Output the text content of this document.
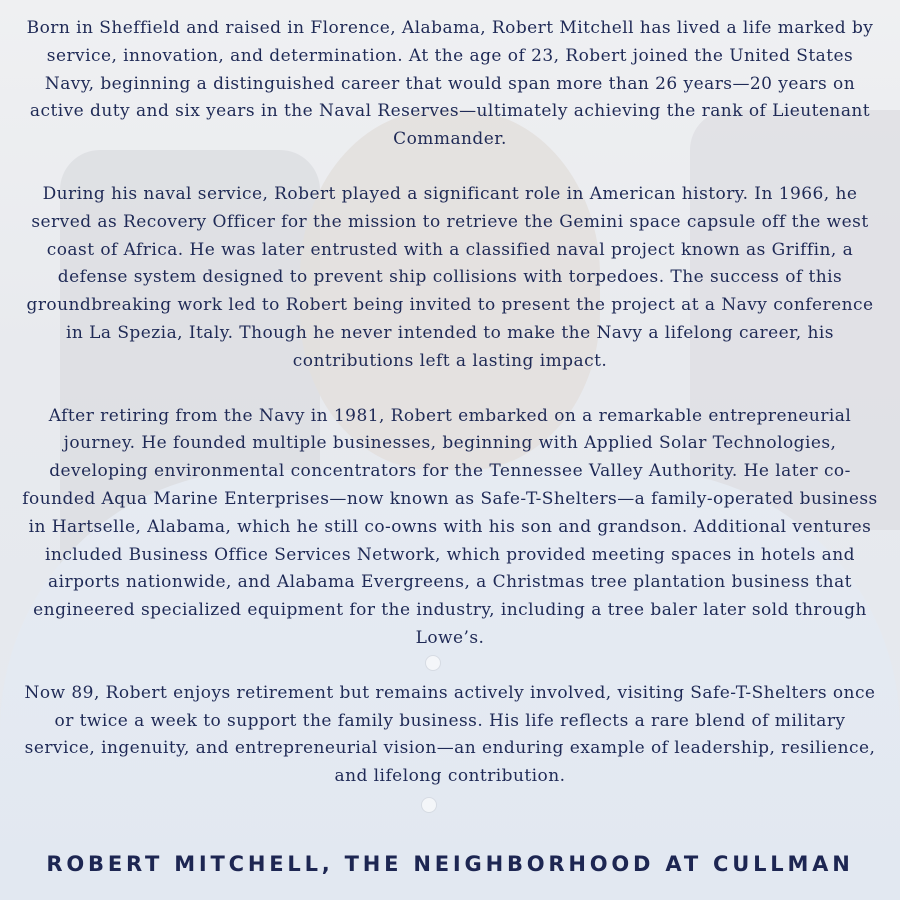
Born in Sheffield and raised in Florence, Alabama, Robert Mitchell has lived a life marked by service, innovation, and determination. At the age of 23, Robert joined the United States Navy, beginning a distinguished career that would span more than 26 years—20 years on active duty and six years in the Naval Reserves—ultimately achieving the rank of Lieutenant Commander.

During his naval service, Robert played a significant role in American history. In 1966, he served as Recovery Officer for the mission to retrieve the Gemini space capsule off the west coast of Africa. He was later entrusted with a classified naval project known as Griffin, a defense system designed to prevent ship collisions with torpedoes. The success of this groundbreaking work led to Robert being invited to present the project at a Navy conference in La Spezia, Italy. Though he never intended to make the Navy a lifelong career, his contributions left a lasting impact.

After retiring from the Navy in 1981, Robert embarked on a remarkable entrepreneurial journey. He founded multiple businesses, beginning with Applied Solar Technologies, developing environmental concentrators for the Tennessee Valley Authority. He later co-founded Aqua Marine Enterprises—now known as Safe-T-Shelters—a family-operated business in Hartselle, Alabama, which he still co-owns with his son and grandson. Additional ventures included Business Office Services Network, which provided meeting spaces in hotels and airports nationwide, and Alabama Evergreens, a Christmas tree plantation business that engineered specialized equipment for the industry, including a tree baler later sold through Lowe’s.

Now 89, Robert enjoys retirement but remains actively involved, visiting Safe-T-Shelters once or twice a week to support the family business. His life reflects a rare blend of military service, ingenuity, and entrepreneurial vision—an enduring example of leadership, resilience, and lifelong contribution.

ROBERT MITCHELL, THE NEIGHBORHOOD AT CULLMAN
